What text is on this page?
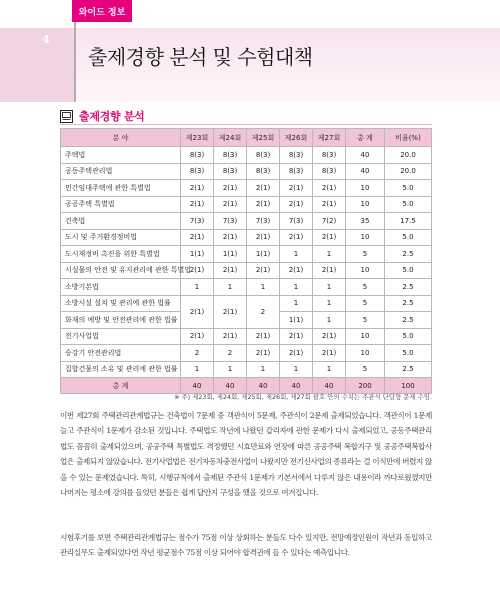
와이드 정보
4
출제경향 분석 및 수험대책
출제경향 분석
분 야	제23회	제24회	제25회	제26회	제27회	총 계	비율(%)
주택법	8(3)	8(3)	8(3)	8(3)	8(3)	40	20.0
공동주택관리법	8(3)	8(3)	8(3)	8(3)	8(3)	40	20.0
민간임대주택에 관한 특별법	2(1)	2(1)	2(1)	2(1)	2(1)	10	5.0
공공주택 특별법	2(1)	2(1)	2(1)	2(1)	2(1)	10	5.0
건축법	7(3)	7(3)	7(3)	7(3)	7(2)	35	17.5
도시 및 주거환경정비법	2(1)	2(1)	2(1)	2(1)	2(1)	10	5.0
도시재정비 촉진을 위한 특별법	1(1)	1(1)	1(1)	1	1	5	2.5
시설물의 안전 및 유지관리에 관한 특별법	2(1)	2(1)	2(1)	2(1)	2(1)	10	5.0
소방기본법	1	1	1	1	1	5	2.5
소방시설 설치 및 관리에 관한 법률	2(1)	2(1)	2	1	1	5	2.5
화재의 예방 및 안전관리에 관한 법률				1(1)	1	5	2.5
전기사업법	2(1)	2(1)	2(1)	2(1)	2(1)	10	5.0
승강기 안전관리법	2	2	2(1)	2(1)	2(1)	10	5.0
집합건물의 소유 및 관리에 관한 법률	1	1	1	1	1	5	2.5
총 계	40	40	40	40	40	200	100
※ 주) 제23회, 제24회, 제25회, 제26회, 제27회 괄호 안의 수치는 주관식 단답형 문제 수임.

이번 제27회 주택관리관계법규는 건축법이 7문제 중 객관식이 5문제, 주관식이 2문제 출제되었습니다. 객관식이 1문제 늘고 주관식이 1문제가 감소된 것입니다. 주택법도 작년에 나왔던 갑리자에 관한 문제가 다시 출제되었고, 공동주택관리법도 꼼꼼히 출제되었으며, 공공주택 특별법도 격정했던 시효만료와 연장에 따른 공공주택 복합지구 및 공공주택복합사업은 출제되지 않았습니다. 전기사업법은 전기자동차충전사업이 나왔지만 전기신사업의 종류라는 걸 이식만에 버렸지 않을 수 있는 문제였습니다. 특히, 시행규칙에서 출제된 주관식 1문제가 기본서에서 다루지 않은 내용이라 까다로웠겠지만 나머지는 평소에 강의를 들었던 분들은 쉽게 답안지 구성을 했을 것으로 여겨집니다.

시험후기를 보면 주택관리관계법규는 점수가 75점 이상 상회하는 분들도 다수 있지만, 전망예정인원이 작년과 동일하고 관리실무도 출제되었다면 작년 평균점수 75점 이상 되어야 합격권에 들 수 있다는 예측입니다.
